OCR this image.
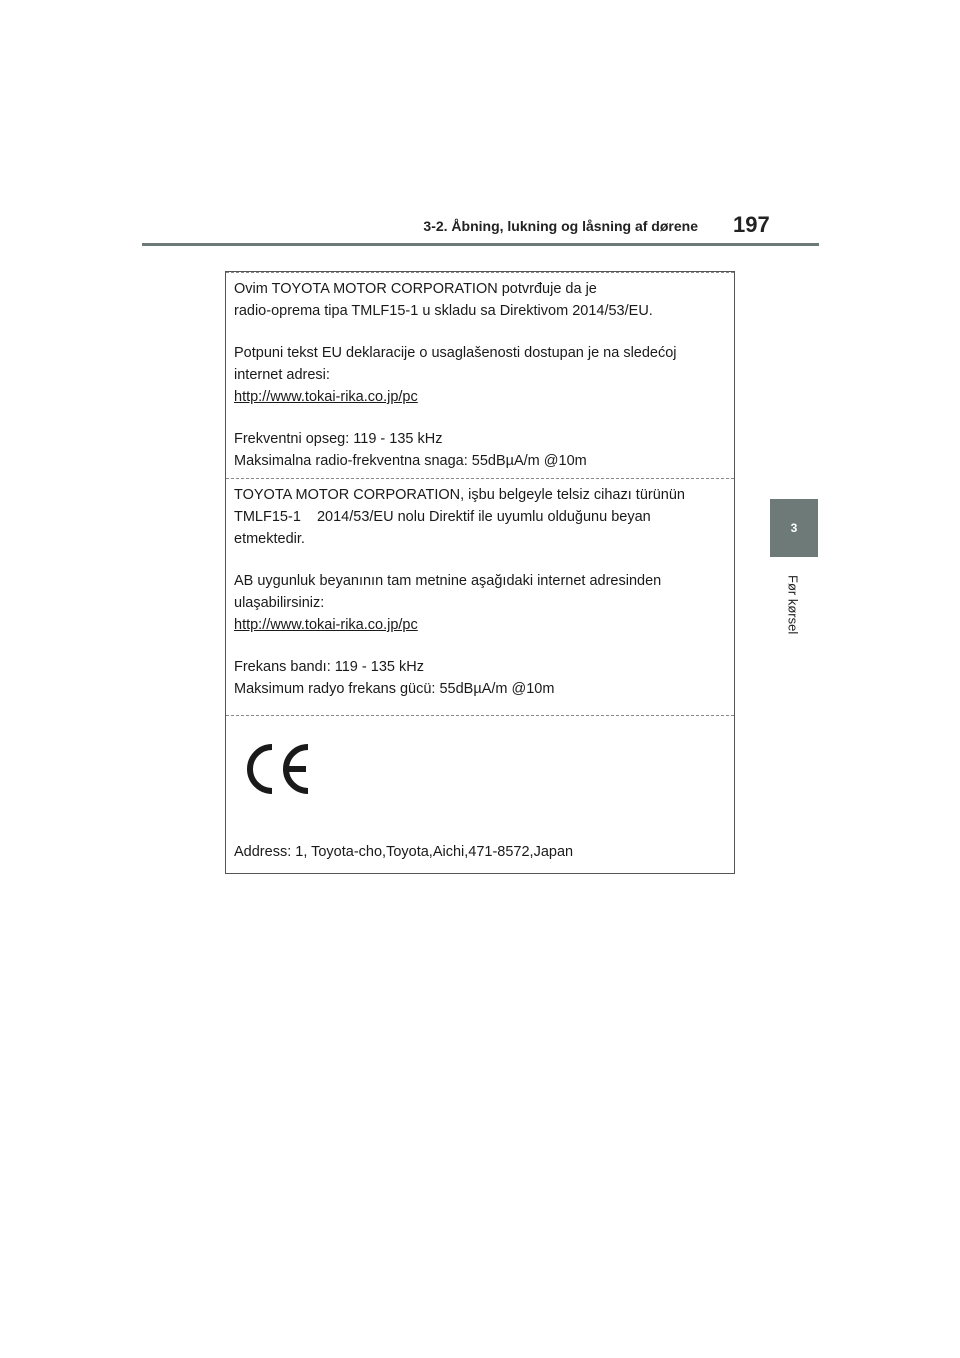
3-2. Åbning, lukning og låsning af dørene 197
3
Før kørsel

Ovim TOYOTA MOTOR CORPORATION potvrđuje da je

radio-oprema tipa TMLF15-1 u skladu sa Direktivom 2014/53/EU.

Potpuni tekst EU deklaracije o usaglašenosti dostupan je na sledećoj

internet adresi:

http://www.tokai-rika.co.jp/pc

Frekventni opseg: 119 - 135 kHz

Maksimalna radio-frekventna snaga: 55dBµA/m @10m

TOYOTA MOTOR CORPORATION, işbu belgeyle telsiz cihazı türünün

TMLF15-1    2014/53/EU nolu Direktif ile uyumlu olduğunu beyan

etmektedir.

AB uygunluk beyanının tam metnine aşağıdaki internet adresinden

ulaşabilirsiniz:

http://www.tokai-rika.co.jp/pc

Frekans bandı: 119 - 135 kHz

Maksimum radyo frekans gücü: 55dBµA/m @10m

Address: 1, Toyota-cho,Toyota,Aichi,471-8572,Japan
